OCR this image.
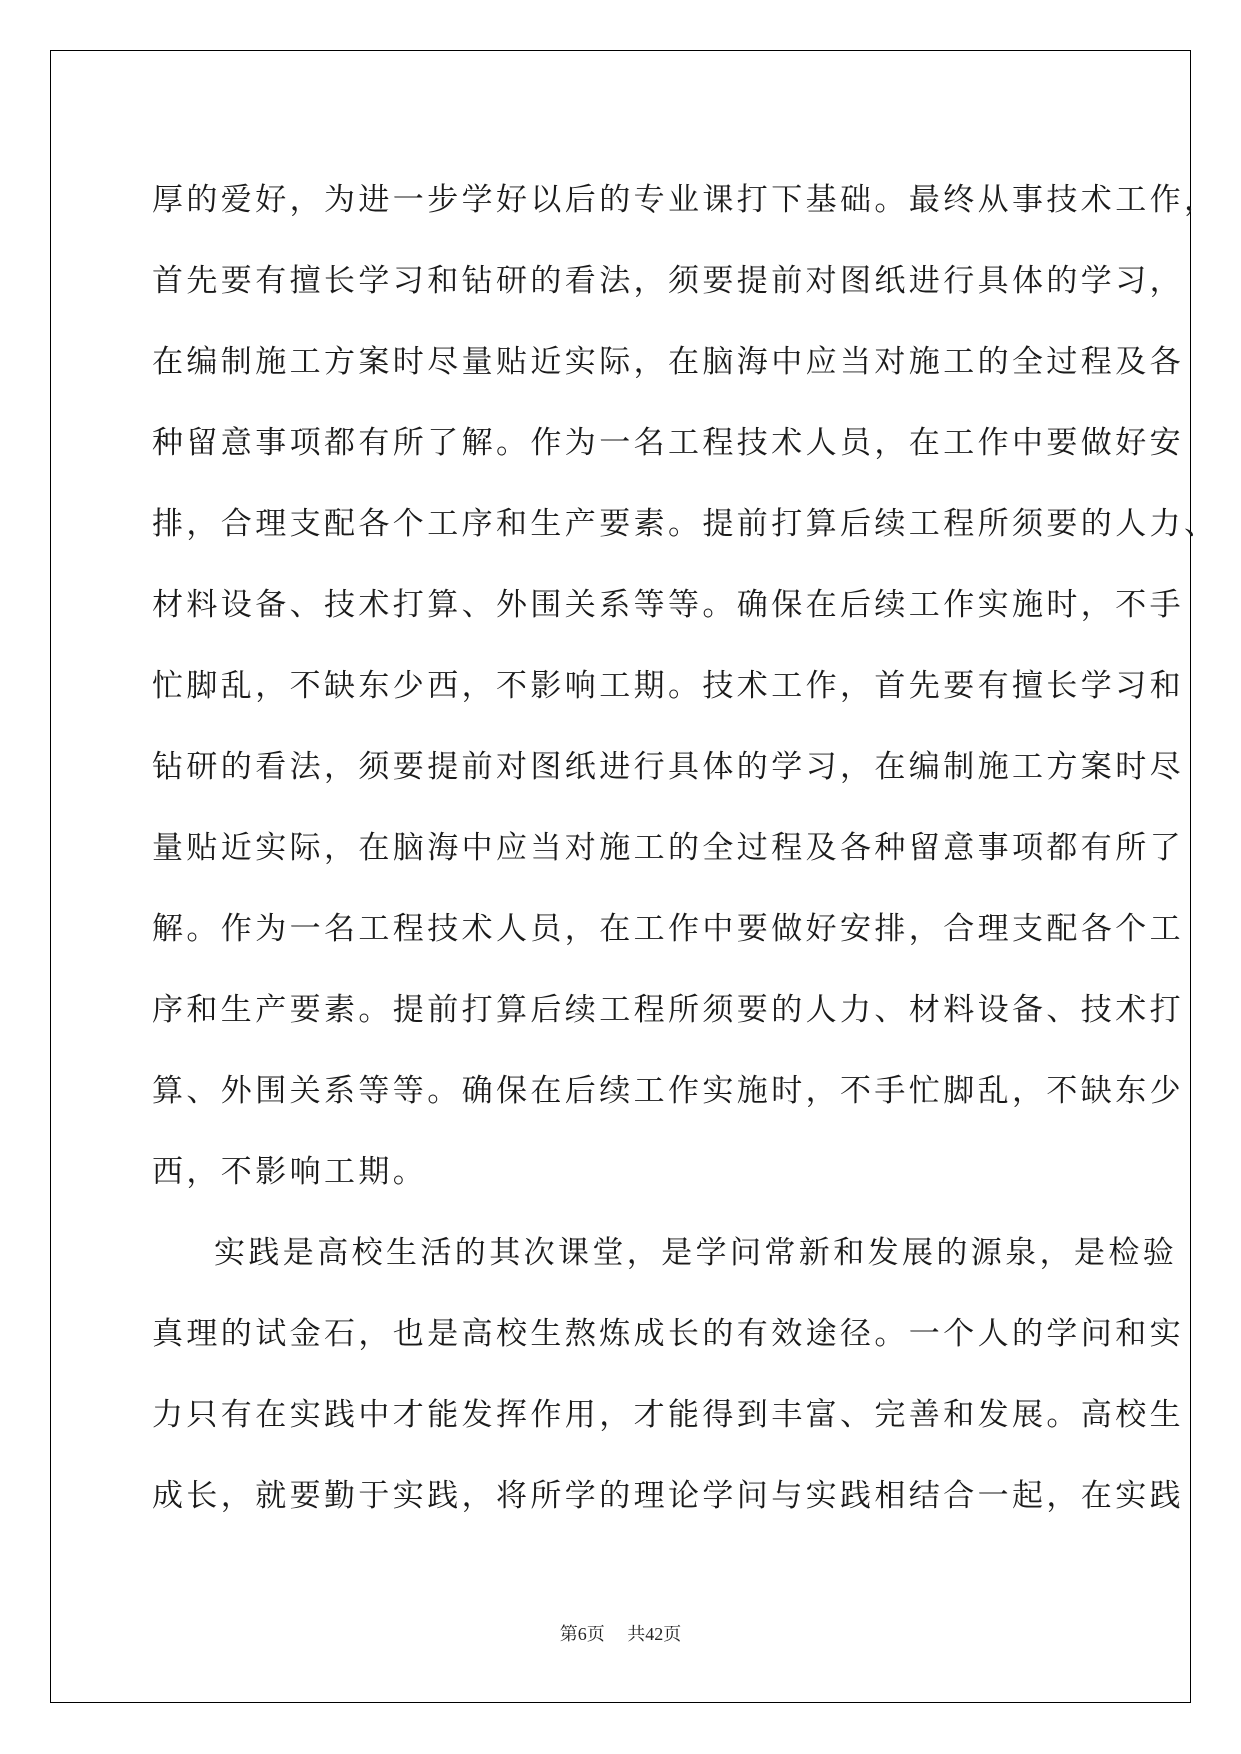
厚的爱好，为进一步学好以后的专业课打下基础。最终从事技术工作，
首先要有擅长学习和钻研的看法，须要提前对图纸进行具体的学习，
在编制施工方案时尽量贴近实际，在脑海中应当对施工的全过程及各
种留意事项都有所了解。作为一名工程技术人员，在工作中要做好安
排，合理支配各个工序和生产要素。提前打算后续工程所须要的人力、
材料设备、技术打算、外围关系等等。确保在后续工作实施时，不手
忙脚乱，不缺东少西，不影响工期。技术工作，首先要有擅长学习和
钻研的看法，须要提前对图纸进行具体的学习，在编制施工方案时尽
量贴近实际，在脑海中应当对施工的全过程及各种留意事项都有所了
解。作为一名工程技术人员，在工作中要做好安排，合理支配各个工
序和生产要素。提前打算后续工程所须要的人力、材料设备、技术打
算、外围关系等等。确保在后续工作实施时，不手忙脚乱，不缺东少
西，不影响工期。
实践是高校生活的其次课堂，是学问常新和发展的源泉，是检验
真理的试金石，也是高校生熬炼成长的有效途径。一个人的学问和实
力只有在实践中才能发挥作用，才能得到丰富、完善和发展。高校生
成长，就要勤于实践，将所学的理论学问与实践相结合一起，在实践
第6页 共42页
